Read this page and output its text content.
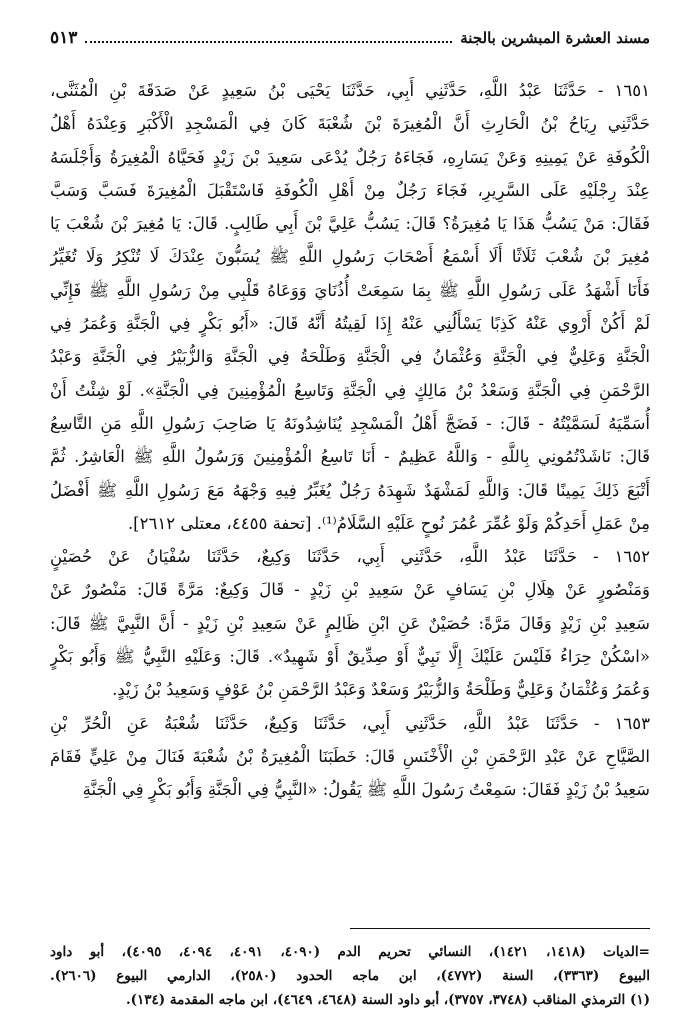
مسند العشرة المبشرين بالجنة
٥١٣
١٦٥١ - حَدَّثَنَا عَبْدُ اللَّهِ، حَدَّثَنِي أَبِي، حَدَّثَنَا يَحْيَى بْنُ سَعِيدٍ عَنْ صَدَقَةَ بْنِ الْمُثَنَّى،
حَدَّثَنِي رِيَاحُ بْنُ الْحَارِثِ أَنَّ الْمُغِيرَةَ بْنَ شُعْبَةَ كَانَ فِي الْمَسْجِدِ الْأَكْبَرِ وَعِنْدَهُ أَهْلُ
الْكُوفَةِ عَنْ يَمِينِهِ وَعَنْ يَسَارِهِ، فَجَاءَهُ رَجُلٌ يُدْعَى سَعِيدَ بْنَ زَيْدٍ فَحَيَّاهُ الْمُغِيرَةُ وَأَجْلَسَهُ
عِنْدَ رِجْلَيْهِ عَلَى السَّرِيرِ، فَجَاءَ رَجُلٌ مِنْ أَهْلِ الْكُوفَةِ فَاسْتَقْبَلَ الْمُغِيرَةَ فَسَبَّ وَسَبَّ
فَقَالَ: مَنْ يَسُبُّ هَذَا يَا مُغِيرَةُ؟ قَالَ: يَسُبُّ عَلِيَّ بْنَ أَبِي طَالِبٍ. قَالَ: يَا مُغِيرَ بْنَ شُعْبَ يَا
مُغِيرَ بْنَ شُعْبَ ثَلَاثًا أَلَا أَسْمَعُ أَصْحَابَ رَسُولِ اللَّهِ ﷺ يُسَبُّونَ عِنْدَكَ لَا تُنْكِرُ وَلَا تُغَيِّرُ
فَأَنَا أَشْهَدُ عَلَى رَسُولِ اللَّهِ ﷺ بِمَا سَمِعَتْ أُذُنَايَ وَوَعَاهُ قَلْبِي مِنْ رَسُولِ اللَّهِ ﷺ فَإِنِّي
لَمْ أَكُنْ أَرْوِي عَنْهُ كَذِبًا يَسْأَلُنِي عَنْهُ إِذَا لَقِيتُهُ أَنَّهُ قَالَ: «أَبُو بَكْرٍ فِي الْجَنَّةِ وَعُمَرُ فِي
الْجَنَّةِ وَعَلِيٌّ فِي الْجَنَّةِ وَعُثْمَانُ فِي الْجَنَّةِ وَطَلْحَةُ فِي الْجَنَّةِ وَالزُّبَيْرُ فِي الْجَنَّةِ وَعَبْدُ
الرَّحْمَنِ فِي الْجَنَّةِ وَسَعْدُ بْنُ مَالِكٍ فِي الْجَنَّةِ وَتَاسِعُ الْمُؤْمِنِينَ فِي الْجَنَّةِ». لَوْ شِئْتُ أَنْ
أُسَمِّيَهُ لَسَمَّيْتُهُ - قَالَ: - فَضَجَّ أَهْلُ الْمَسْجِدِ يُنَاشِدُونَهُ يَا صَاحِبَ رَسُولِ اللَّهِ مَنِ التَّاسِعُ
قَالَ: نَاشَدْتُمُونِي بِاللَّهِ - وَاللَّهُ عَظِيمٌ - أَنَا تَاسِعُ الْمُؤْمِنِينَ وَرَسُولُ اللَّهِ ﷺ الْعَاشِرُ. ثُمَّ
أَتْبَعَ ذَلِكَ يَمِينًا قَالَ: وَاللَّهِ لَمَشْهَدٌ شَهِدَهُ رَجُلٌ يُغَبِّرُ فِيهِ وَجْهَهُ مَعَ رَسُولِ اللَّهِ ﷺ أَفْضَلُ
مِنْ عَمَلِ أَحَدِكُمْ وَلَوْ عُمِّرَ عُمُرَ نُوحٍ عَلَيْهِ السَّلَامُ⁽¹⁾. [تحفة ٤٤٥٥، معتلى ٢٦١٢].
١٦٥٢ - حَدَّثَنَا عَبْدُ اللَّهِ، حَدَّثَنِي أَبِي، حَدَّثَنَا وَكِيعٌ، حَدَّثَنَا سُفْيَانُ عَنْ حُصَيْنٍ
وَمَنْصُورٍ عَنْ هِلَالِ بْنِ يَسَافٍ عَنْ سَعِيدِ بْنِ زَيْدٍ - قَالَ وَكِيعٌ: مَرَّةً قَالَ: مَنْصُورٌ عَنْ
سَعِيدِ بْنِ زَيْدٍ وَقَالَ مَرَّةً: حُصَيْنٌ عَنِ ابْنِ ظَالِمٍ عَنْ سَعِيدِ بْنِ زَيْدٍ - أَنَّ النَّبِيَّ ﷺ قَالَ:
«اسْكُنْ حِرَاءُ فَلَيْسَ عَلَيْكَ إِلَّا نَبِيٌّ أَوْ صِدِّيقٌ أَوْ شَهِيدٌ». قَالَ: وَعَلَيْهِ النَّبِيُّ ﷺ وَأَبُو بَكْرٍ
وَعُمَرُ وَعُثْمَانُ وَعَلِيٌّ وَطَلْحَةُ وَالزُّبَيْرُ وَسَعْدٌ وَعَبْدُ الرَّحْمَنِ بْنُ عَوْفٍ وَسَعِيدُ بْنُ زَيْدٍ.
١٦٥٣ - حَدَّثَنَا عَبْدُ اللَّهِ، حَدَّثَنِي أَبِي، حَدَّثَنَا وَكِيعٌ، حَدَّثَنَا شُعْبَةُ عَنِ الْحُرِّ بْنِ
الصَّيَّاحِ عَنْ عَبْدِ الرَّحْمَنِ بْنِ الْأَخْنَسِ قَالَ: خَطَبَنَا الْمُغِيرَةُ بْنُ شُعْبَةَ فَنَالَ مِنْ عَلِيٍّ فَقَامَ
سَعِيدُ بْنُ زَيْدٍ فَقَالَ: سَمِعْتُ رَسُولَ اللَّهِ ﷺ يَقُولُ: «النَّبِيُّ فِي الْجَنَّةِ وَأَبُو بَكْرٍ فِي الْجَنَّةِ
=الديات (١٤١٨، ١٤٢١)، النسائي تحريم الدم (٤٠٩٠، ٤٠٩١، ٤٠٩٤، ٤٠٩٥)، أبو داود
البيوع (٣٣٦٣)، السنة (٤٧٧٢)، ابن ماجه الحدود (٢٥٨٠)، الدارمي البيوع (٢٦٠٦).
(١) الترمذي المناقب (٣٧٤٨، ٣٧٥٧)، أبو داود السنة (٤٦٤٨، ٤٦٤٩)، ابن ماجه المقدمة (١٣٤).
